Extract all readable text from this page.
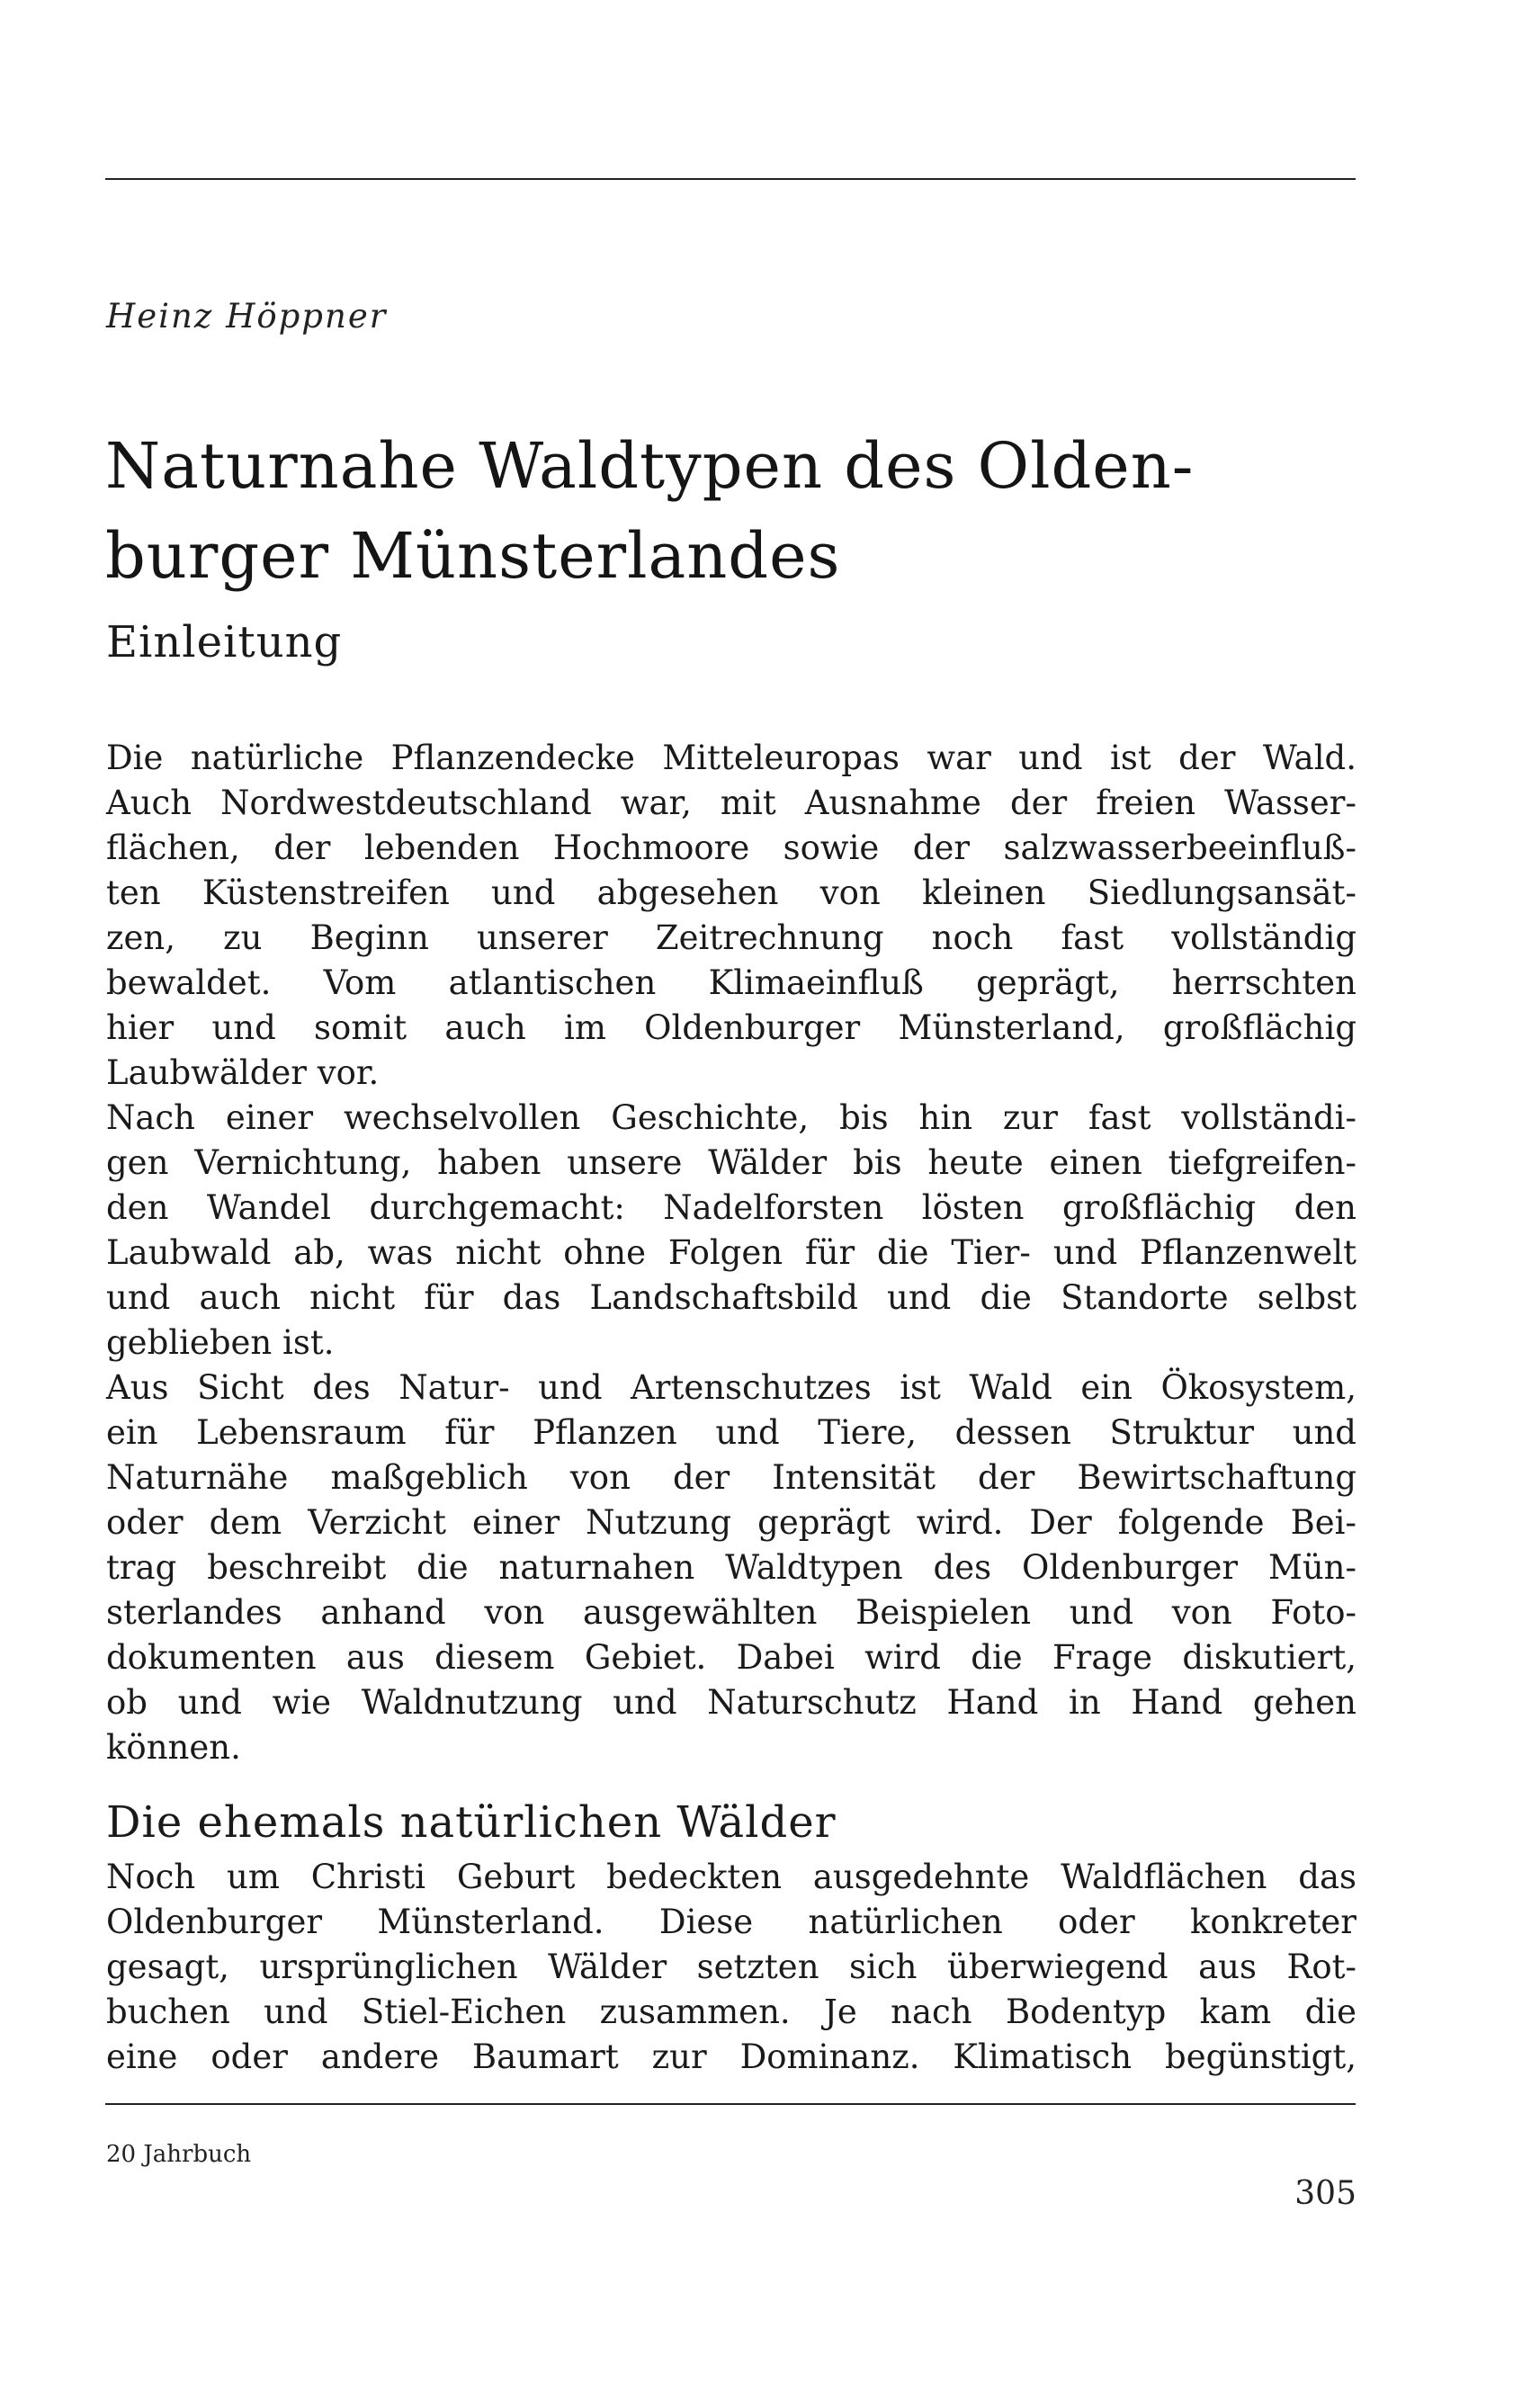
Heinz Höppner
Naturnahe Waldtypen des Olden-
burger Münsterlandes
Einleitung
Die natürliche Pflanzendecke Mitteleuropas war und ist der Wald.
Auch Nordwestdeutschland war, mit Ausnahme der freien Wasser-
flächen, der lebenden Hochmoore sowie der salzwasserbeeinfluß-
ten Küstenstreifen und abgesehen von kleinen Siedlungsansät-
zen, zu Beginn unserer Zeitrechnung noch fast vollständig
bewaldet. Vom atlantischen Klimaeinfluß geprägt, herrschten
hier und somit auch im Oldenburger Münsterland, großflächig
Laubwälder vor.
Nach einer wechselvollen Geschichte, bis hin zur fast vollständi-
gen Vernichtung, haben unsere Wälder bis heute einen tiefgreifen-
den Wandel durchgemacht: Nadelforsten lösten großflächig den
Laubwald ab, was nicht ohne Folgen für die Tier- und Pflanzenwelt
und auch nicht für das Landschaftsbild und die Standorte selbst
geblieben ist.
Aus Sicht des Natur- und Artenschutzes ist Wald ein Ökosystem,
ein Lebensraum für Pflanzen und Tiere, dessen Struktur und
Naturnähe maßgeblich von der Intensität der Bewirtschaftung
oder dem Verzicht einer Nutzung geprägt wird. Der folgende Bei-
trag beschreibt die naturnahen Waldtypen des Oldenburger Mün-
sterlandes anhand von ausgewählten Beispielen und von Foto-
dokumenten aus diesem Gebiet. Dabei wird die Frage diskutiert,
ob und wie Waldnutzung und Naturschutz Hand in Hand gehen
können.
Die ehemals natürlichen Wälder
Noch um Christi Geburt bedeckten ausgedehnte Waldflächen das
Oldenburger Münsterland. Diese natürlichen oder konkreter
gesagt, ursprünglichen Wälder setzten sich überwiegend aus Rot-
buchen und Stiel-Eichen zusammen. Je nach Bodentyp kam die
eine oder andere Baumart zur Dominanz. Klimatisch begünstigt,
20 Jahrbuch
305
